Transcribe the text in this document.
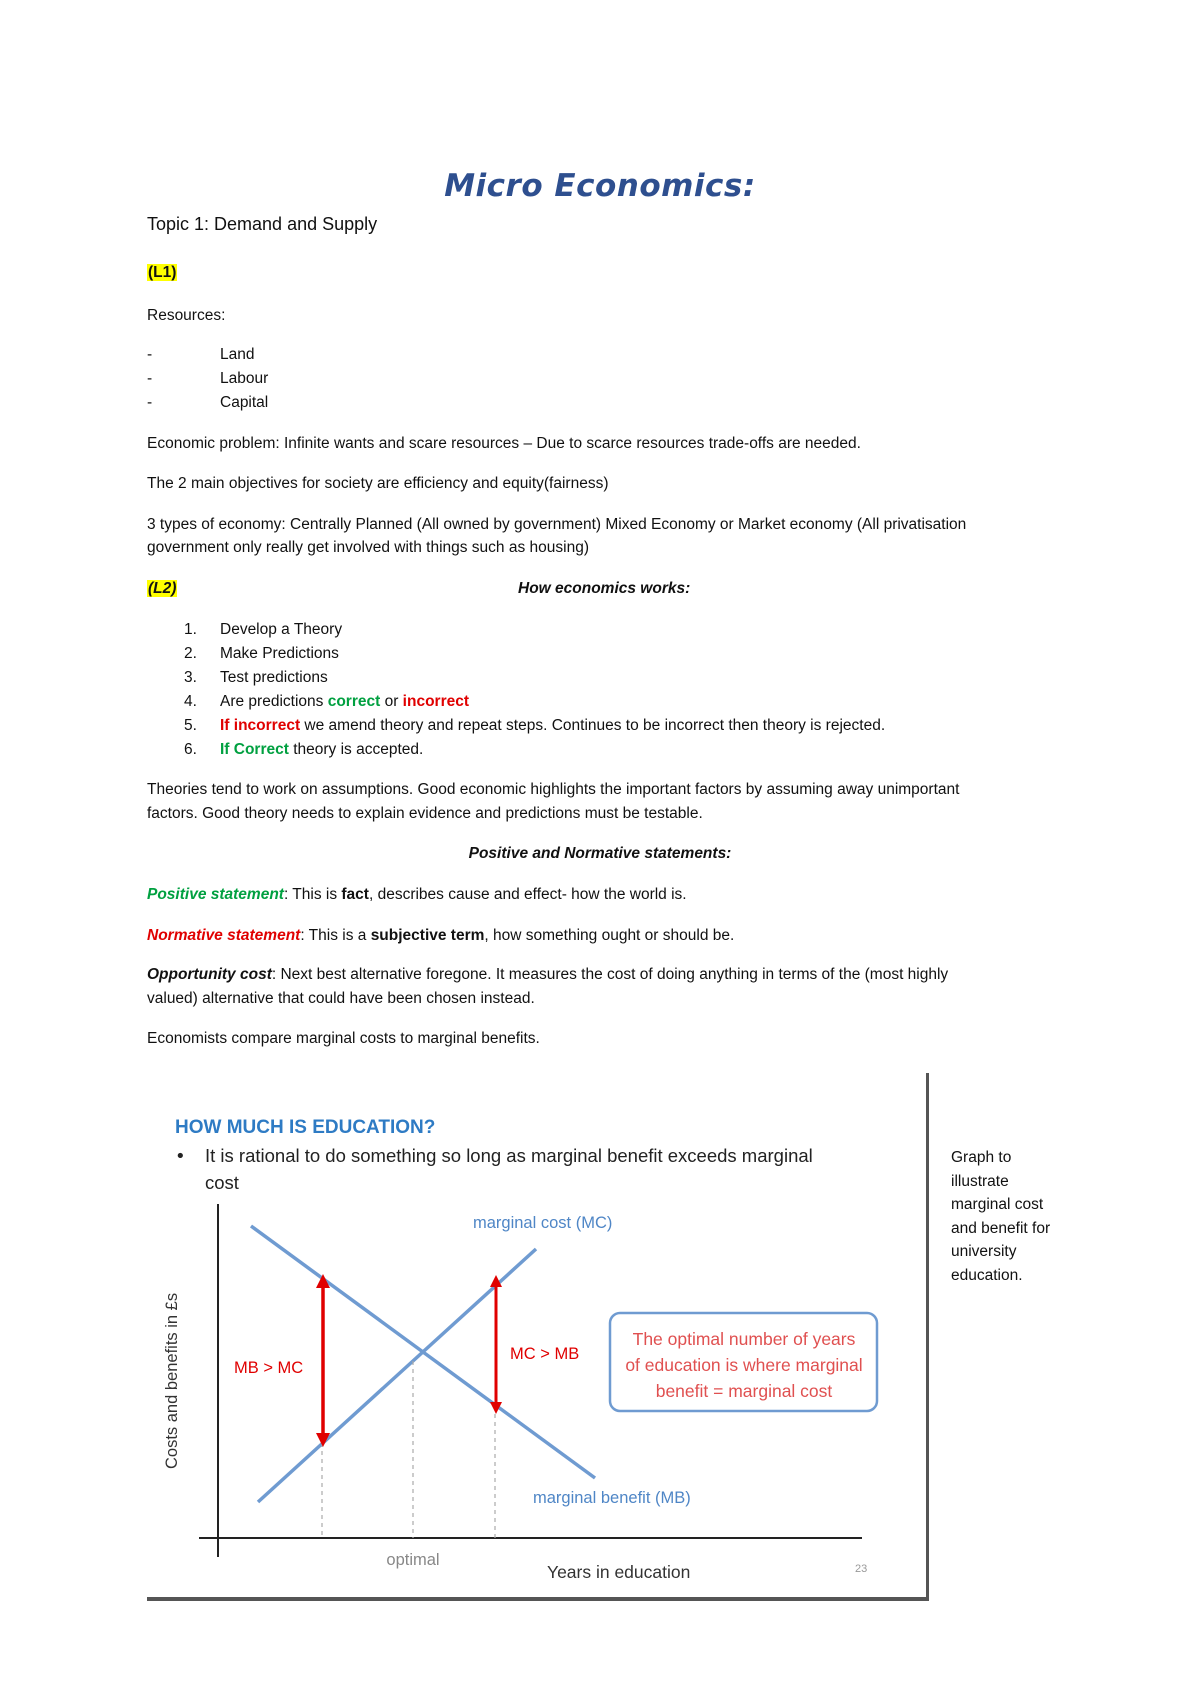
Micro Economics:
Topic 1: Demand and Supply
(L1)
Resources:
-	Land
-	Labour
-	Capital
Economic problem: Infinite wants and scare resources – Due to scarce resources trade-offs are needed.
The 2 main objectives for society are efficiency and equity(fairness)
3 types of economy: Centrally Planned (All owned by government) Mixed Economy or Market economy (All privatisation
government only really get involved with things such as housing)
(L2)	How economics works:
1. Develop a Theory
2. Make Predictions
3. Test predictions
4. Are predictions correct or incorrect
5. If incorrect we amend theory and repeat steps. Continues to be incorrect then theory is rejected.
6. If Correct theory is accepted.
Theories tend to work on assumptions. Good economic highlights the important factors by assuming away unimportant
factors. Good theory needs to explain evidence and predictions must be testable.
Positive and Normative statements:
Positive statement: This is fact, describes cause and effect- how the world is.
Normative statement: This is a subjective term, how something ought or should be.
Opportunity cost: Next best alternative foregone. It measures the cost of doing anything in terms of the (most highly
valued) alternative that could have been chosen instead.
Economists compare marginal costs to marginal benefits.
HOW MUCH IS EDUCATION?
• It is rational to do something so long as marginal benefit exceeds marginal
cost
marginal cost (MC)
marginal benefit (MB)
MB > MC
MC > MB
The optimal number of years
of education is where marginal
benefit = marginal cost
Costs and benefits in £s
optimal
Years in education	23
Graph to illustrate marginal cost and benefit for university education.
